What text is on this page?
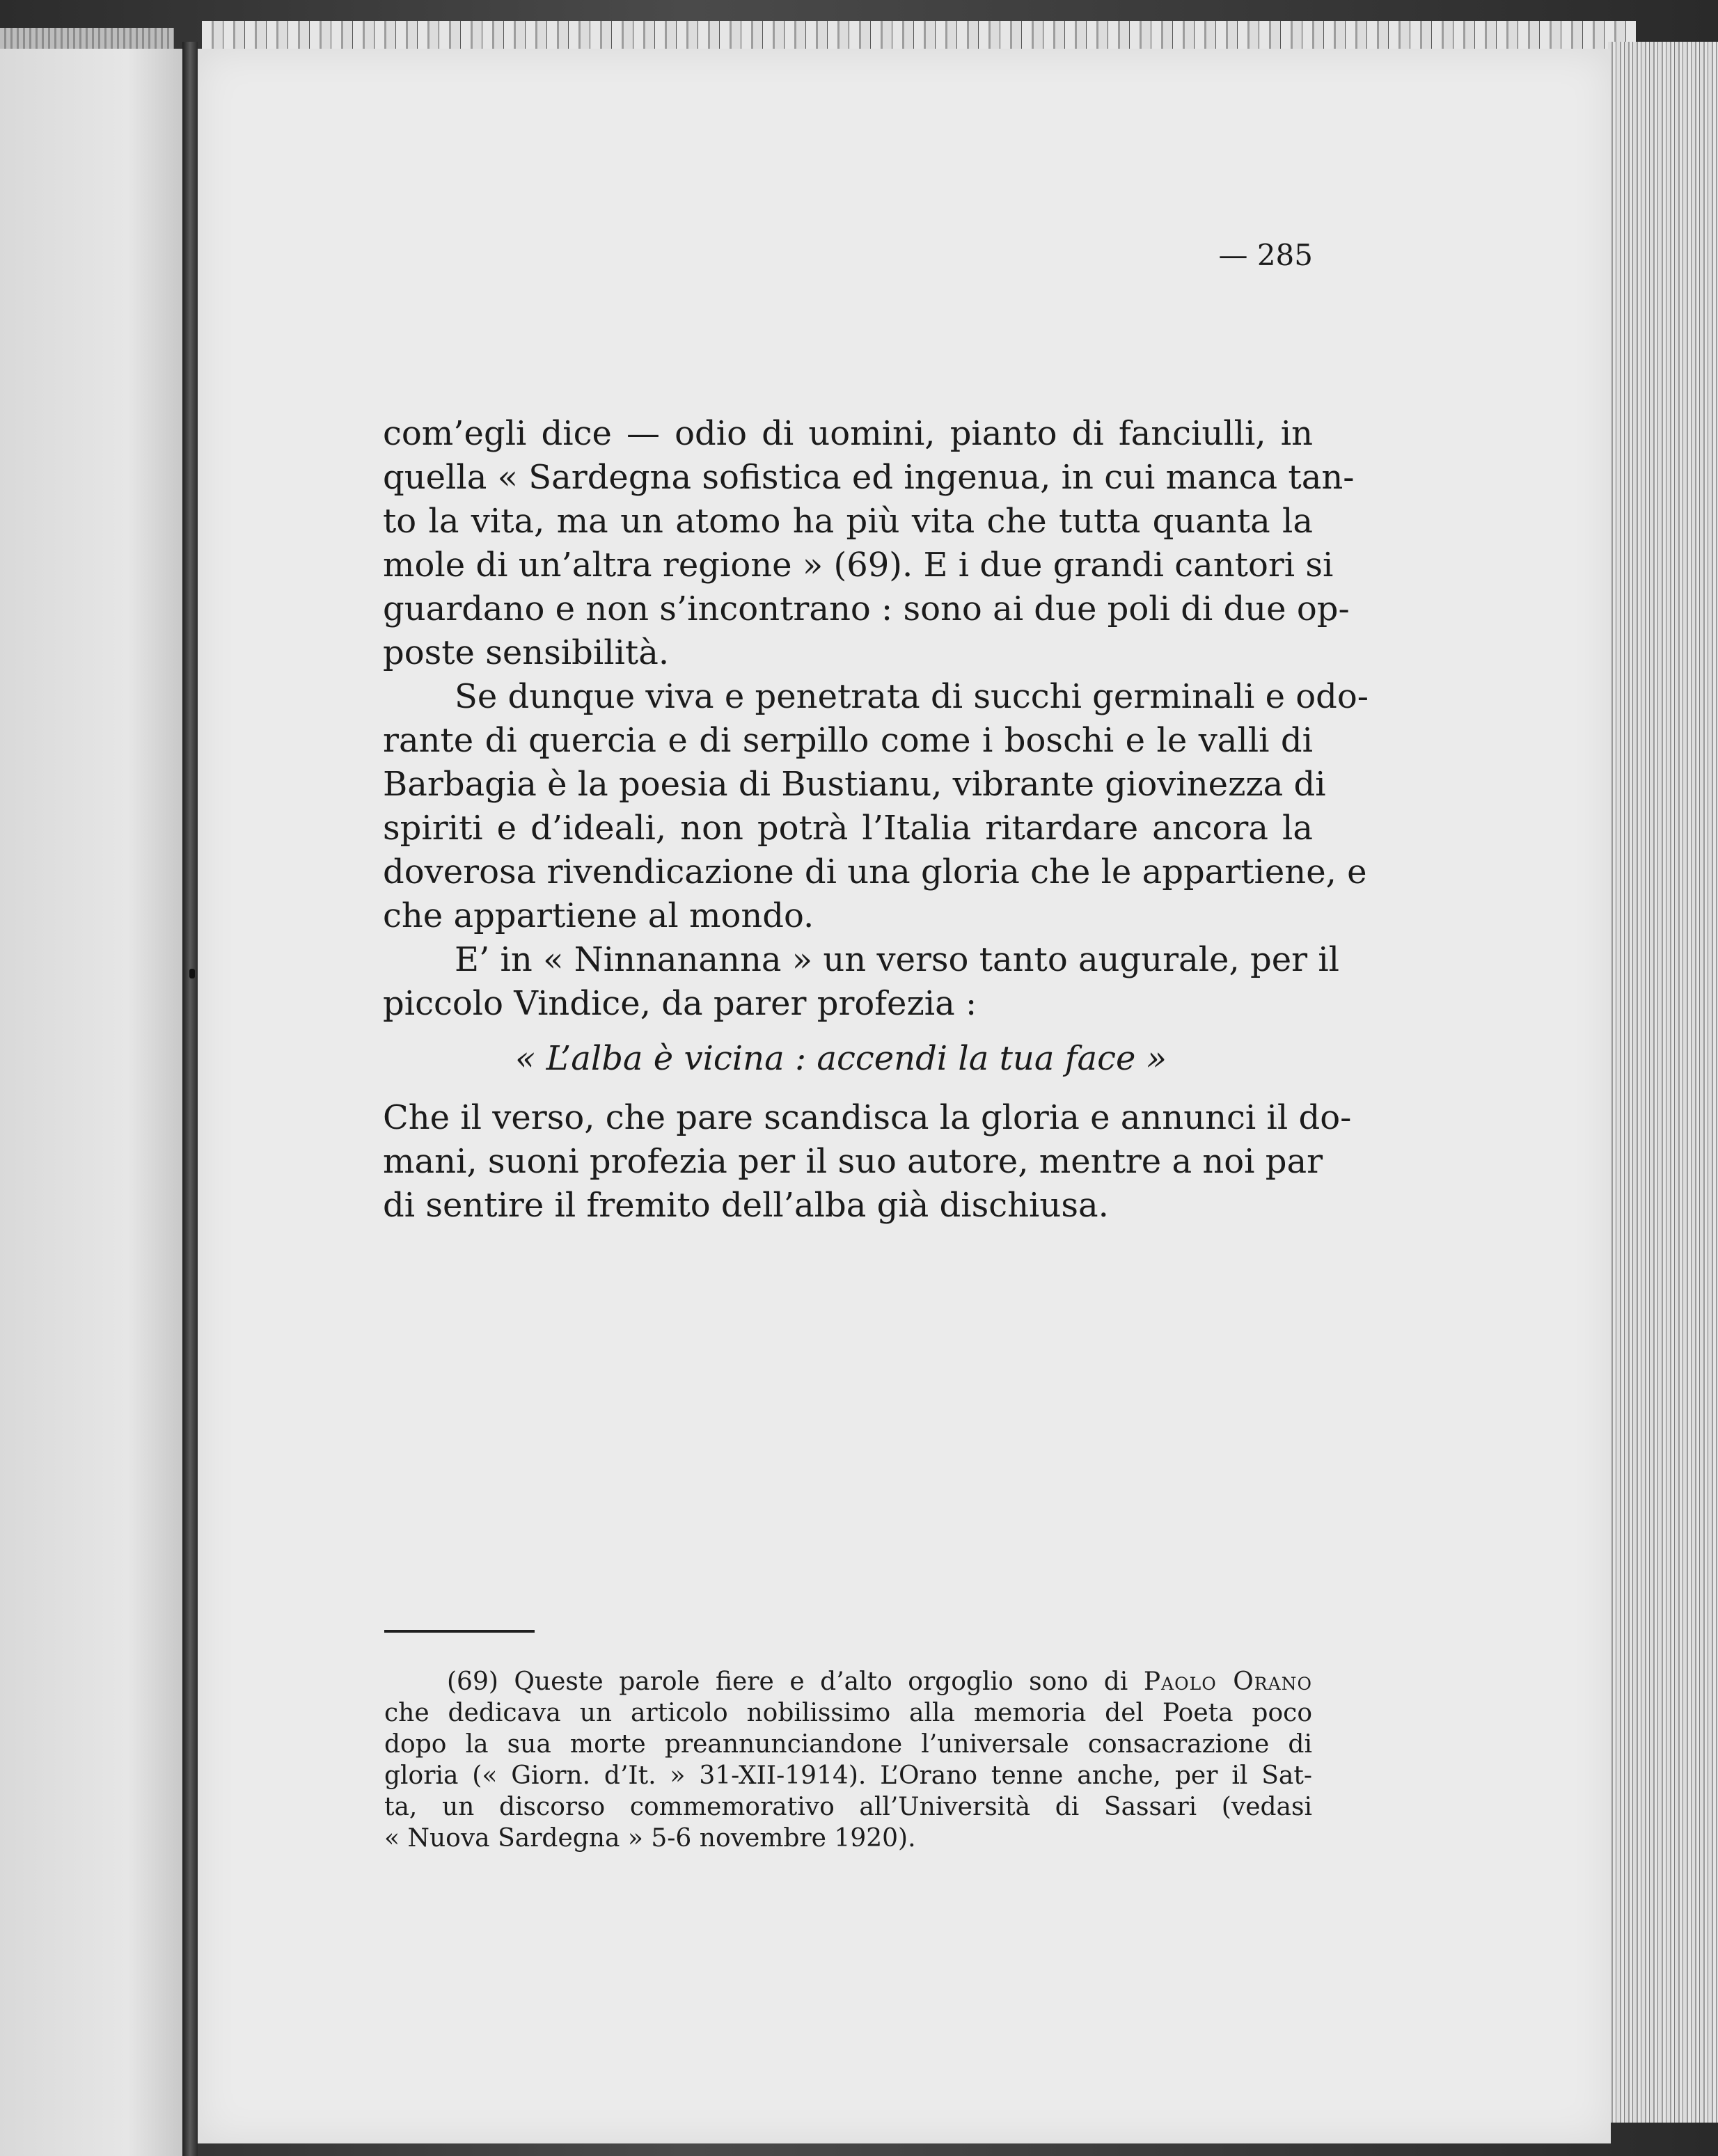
— 285
com’egli dice — odio di uomini, pianto di fanciulli, in
quella « Sardegna sofistica ed ingenua, in cui manca tan-
to la vita, ma un atomo ha più vita che tutta quanta la
mole di un’altra regione » (69). E i due grandi cantori si
guardano e non s’incontrano : sono ai due poli di due op-
poste sensibilità.
Se dunque viva e penetrata di succhi germinali e odo-
rante di quercia e di serpillo come i boschi e le valli di
Barbagia è la poesia di Bustianu, vibrante giovinezza di
spiriti e d’ideali, non potrà l’Italia ritardare ancora la
doverosa rivendicazione di una gloria che le appartiene, e
che appartiene al mondo.
E’ in « Ninnananna » un verso tanto augurale, per il
piccolo Vindice, da parer profezia :
« L’alba è vicina : accendi la tua face »
Che il verso, che pare scandisca la gloria e annunci il do-
mani, suoni profezia per il suo autore, mentre a noi par
di sentire il fremito dell’alba già dischiusa.
(69) Queste parole fiere e d’alto orgoglio sono di Paolo Orano
che dedicava un articolo nobilissimo alla memoria del Poeta poco
dopo la sua morte preannunciandone l’universale consacrazione di
gloria (« Giorn. d’It. » 31-XII-1914). L’Orano tenne anche, per il Sat-
ta, un discorso commemorativo all’Università di Sassari (vedasi
« Nuova Sardegna » 5-6 novembre 1920).
